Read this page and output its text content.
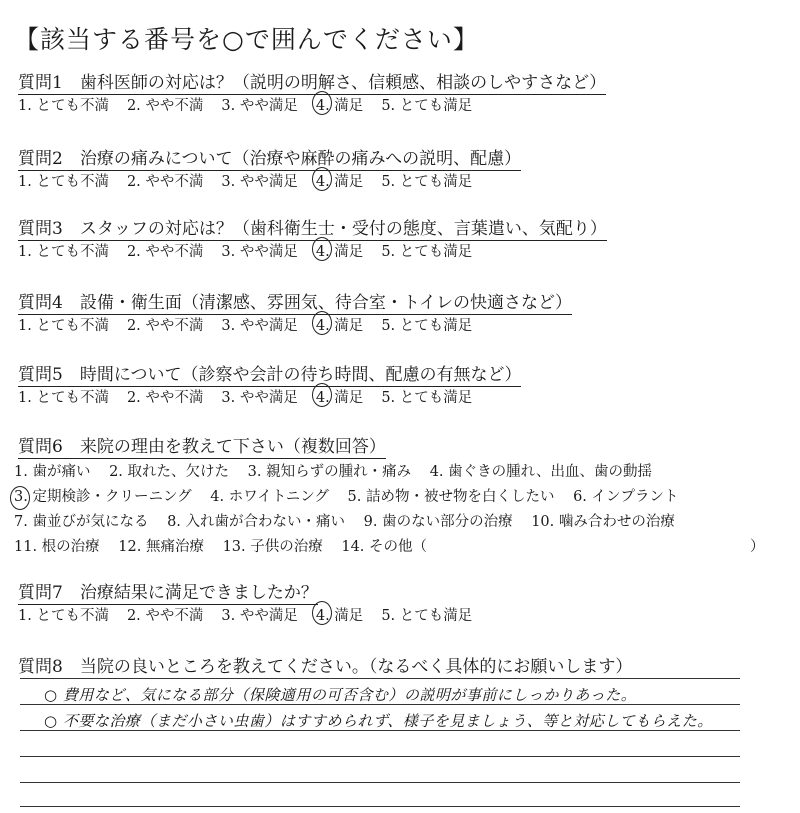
【該当する番号を○で囲んでください】
質問1　歯科医師の対応は？（説明の明解さ、信頼感、相談のしやすさなど）
1. とても不満 2. やや不満 3. やや満足 4. 満足 5. とても満足
質問2　治療の痛みについて（治療や麻酔の痛みへの説明、配慮）
1. とても不満 2. やや不満 3. やや満足 4. 満足 5. とても満足
質問3　スタッフの対応は？（歯科衛生士・受付の態度、言葉遣い、気配り）
1. とても不満 2. やや不満 3. やや満足 4. 満足 5. とても満足
質問4　設備・衛生面（清潔感、雰囲気、待合室・トイレの快適さなど）
1. とても不満 2. やや不満 3. やや満足 4. 満足 5. とても満足
質問5　時間について（診察や会計の待ち時間、配慮の有無など）
1. とても不満 2. やや不満 3. やや満足 4. 満足 5. とても満足
質問6　来院の理由を教えて下さい（複数回答）
1. 歯が痛い 2. 取れた、欠けた 3. 親知らずの腫れ・痛み 4. 歯ぐきの腫れ、出血、歯の動揺
3. 定期検診・クリーニング 4. ホワイトニング 5. 詰め物・被せ物を白くしたい 6. インプラント
7. 歯並びが気になる 8. 入れ歯が合わない・痛い 9. 歯のない部分の治療 10. 噛み合わせの治療
11. 根の治療 12. 無痛治療 13. 子供の治療 14. その他（	）
質問7　治療結果に満足できましたか？
1. とても不満 2. やや不満 3. やや満足 4. 満足 5. とても満足
質問8　当院の良いところを教えてください。（なるべく具体的にお願いします）
○ 費用など、気になる部分（保険適用の可否含む）の説明が事前にしっかりあった。
○ 不要な治療（まだ小さい虫歯）はすすめられず、様子を見ましょう、等と対応してもらえた。
